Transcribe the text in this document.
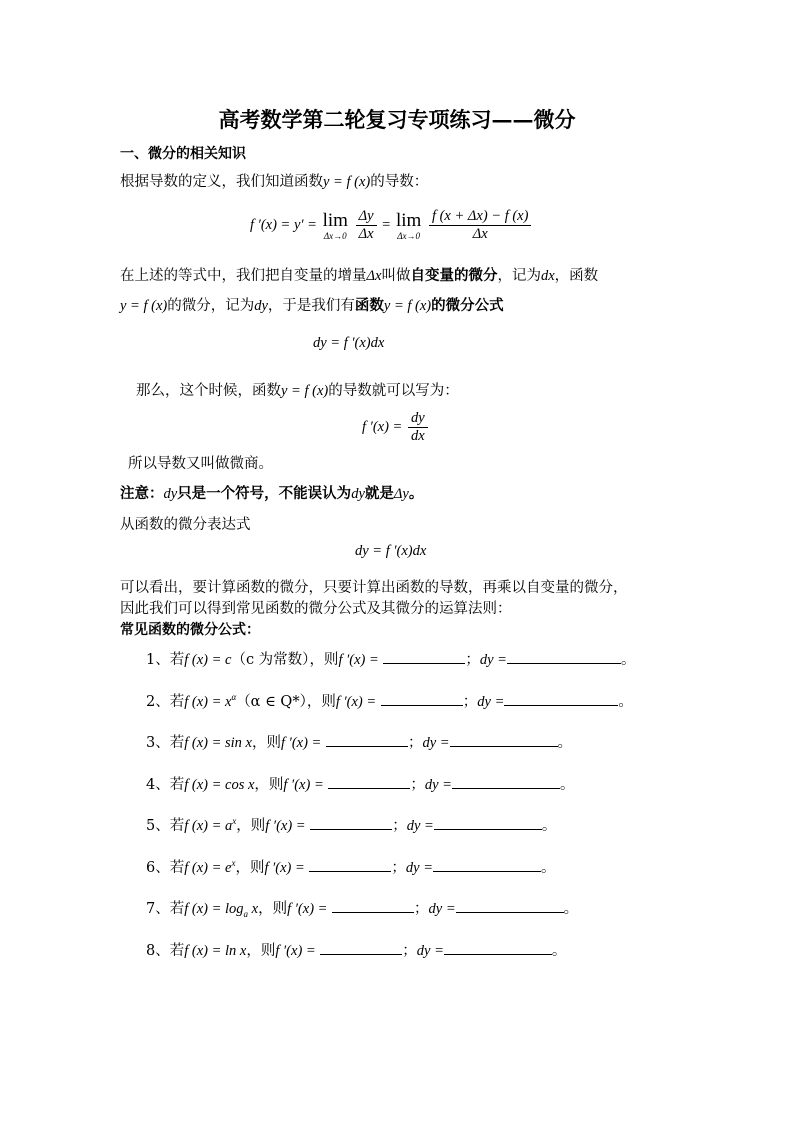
高考数学第二轮复习专项练习——微分
一、微分的相关知识
根据导数的定义，我们知道函数y = f (x)的导数：
f ′(x) = y′ = lim
Δx→0
$\frac{\Delta y}{\Delta x} = \lim$
Δx→0
$\frac{f (x + \Delta x) - f (x)}{\Delta x}$
在上述的等式中，我们把自变量的增量Δx叫做自变量的微分，记为dx，函数
y = f (x)的微分，记为dy，于是我们有函数y = f (x)的微分公式
dy = f ′(x)dx
那么，这个时候，函数y = f (x)的导数就可以写为：
f $'(x) = \frac{dy}{dx}$
所以导数又叫做微商。
注意：dy只是一个符号，不能误认为dy就是Δy。
从函数的微分表达式
dy = f ′(x)dx
可以看出，要计算函数的微分，只要计算出函数的导数，再乘以自变量的微分，
因此我们可以得到常见函数的微分公式及其微分的运算法则：
常见函数的微分公式：
1、若f (x) = c（c 为常数），则f ′(x) =	；dy =	。
2、若f $(x) = x^\alpha(\alpha$ ∈ Q*），则f ′(x) =	；dy =	。
3、若f (x) = sin x，则f ′(x) =	；dy =	。
4、若f (x) = cos x，则f ′(x) =	；dy =	。
5、若f $(x) = a^x$，则f ′(x) =	；dy =	。
6、若f $(x) = e^x$，则f ′(x) =	；dy =	。
7、若f $(x) = \log_a x$，则f ′(x) =	；dy =	。
8、若f (x) = ln x，则f ′(x) =	；dy =	。
